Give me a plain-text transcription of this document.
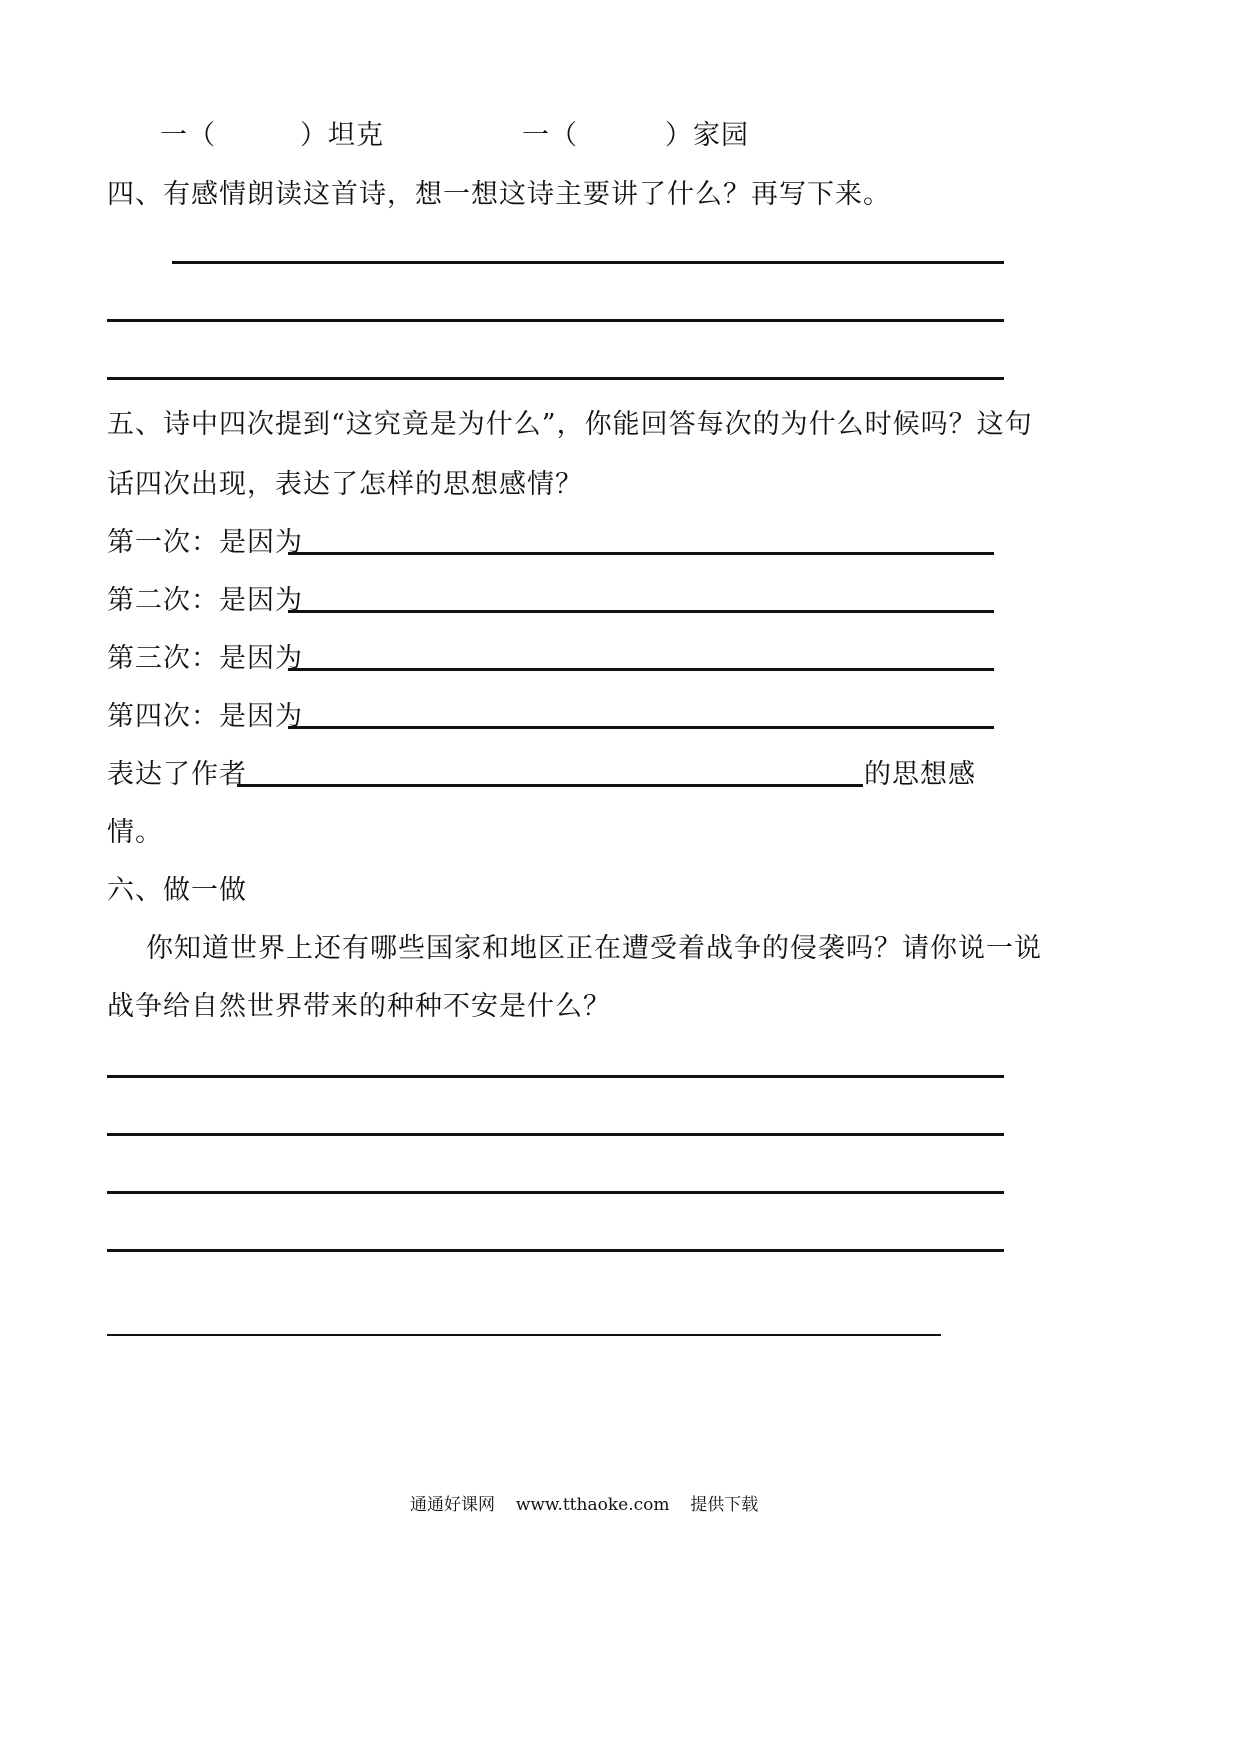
一（	）坦克	一（	）家园
四、有感情朗读这首诗，想一想这诗主要讲了什么？再写下来。
五、诗中四次提到“这究竟是为什么”，你能回答每次的为什么时候吗？这句
话四次出现，表达了怎样的思想感情？
第一次：是因为
第二次：是因为
第三次：是因为
第四次：是因为
表达了作者	的思想感
情。
六、做一做
你知道世界上还有哪些国家和地区正在遭受着战争的侵袭吗？请你说一说
战争给自然世界带来的种种不安是什么？
通通好课网 www.tthaoke.com 提供下载
